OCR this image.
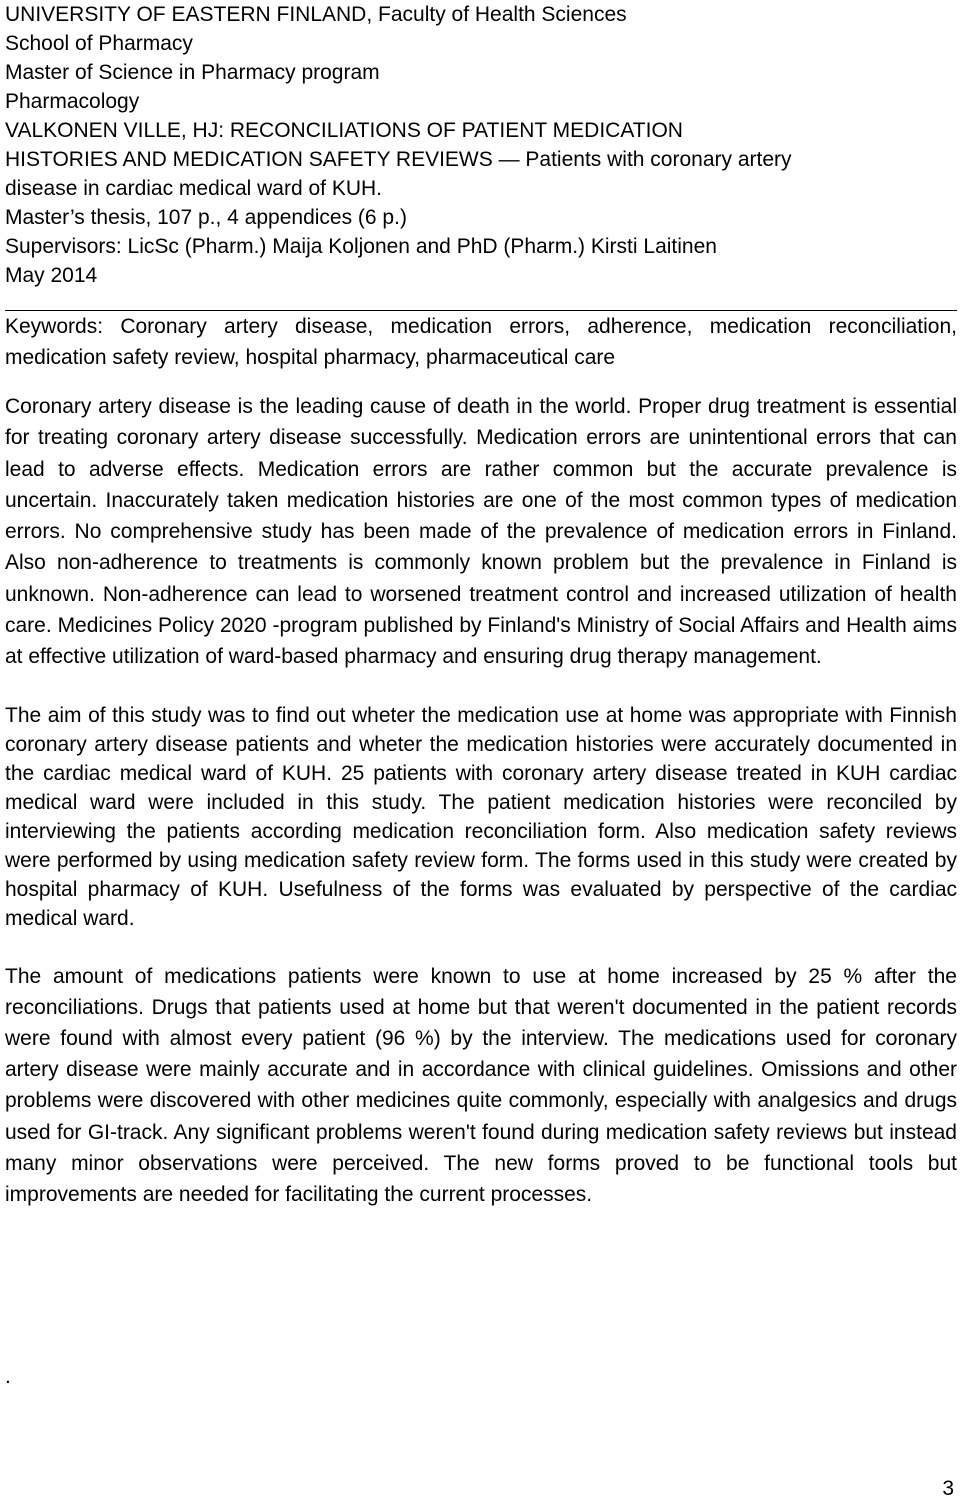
UNIVERSITY OF EASTERN FINLAND, Faculty of Health Sciences
School of Pharmacy
Master of Science in Pharmacy program
Pharmacology
VALKONEN VILLE, HJ: RECONCILIATIONS OF PATIENT MEDICATION
HISTORIES AND MEDICATION SAFETY REVIEWS — Patients with coronary artery
disease in cardiac medical ward of KUH.
Master’s thesis, 107 p., 4 appendices (6 p.)
Supervisors: LicSc (Pharm.) Maija Koljonen and PhD (Pharm.) Kirsti Laitinen
May 2014

Keywords: Coronary artery disease, medication errors, adherence, medication reconciliation, medication safety review, hospital pharmacy, pharmaceutical care

Coronary artery disease is the leading cause of death in the world. Proper drug treatment is essential for treating coronary artery disease successfully. Medication errors are unintentional errors that can lead to adverse effects. Medication errors are rather common but the accurate prevalence is uncertain. Inaccurately taken medication histories are one of the most common types of medication errors. No comprehensive study has been made of the prevalence of medication errors in Finland. Also non-adherence to treatments is commonly known problem but the prevalence in Finland is unknown. Non-adherence can lead to worsened treatment control and increased utilization of health care. Medicines Policy 2020 -program published by Finland's Ministry of Social Affairs and Health aims at effective utilization of ward-based pharmacy and ensuring drug therapy management.

The aim of this study was to find out wheter the medication use at home was appropriate with Finnish coronary artery disease patients and wheter the medication histories were accurately documented in the cardiac medical ward of KUH. 25 patients with coronary artery disease treated in KUH cardiac medical ward were included in this study. The patient medication histories were reconciled by interviewing the patients according medication reconciliation form. Also medication safety reviews were performed by using medication safety review form. The forms used in this study were created by hospital pharmacy of KUH. Usefulness of the forms was evaluated by perspective of the cardiac medical ward.

The amount of medications patients were known to use at home increased by 25 % after the reconciliations. Drugs that patients used at home but that weren't documented in the patient records were found with almost every patient (96 %) by the interview. The medications used for coronary artery disease were mainly accurate and in accordance with clinical guidelines. Omissions and other problems were discovered with other medicines quite commonly, especially with analgesics and drugs used for GI-track. Any significant problems weren't found during medication safety reviews but instead many minor observations were perceived. The new forms proved to be functional tools but improvements are needed for facilitating the current processes.

.
3
